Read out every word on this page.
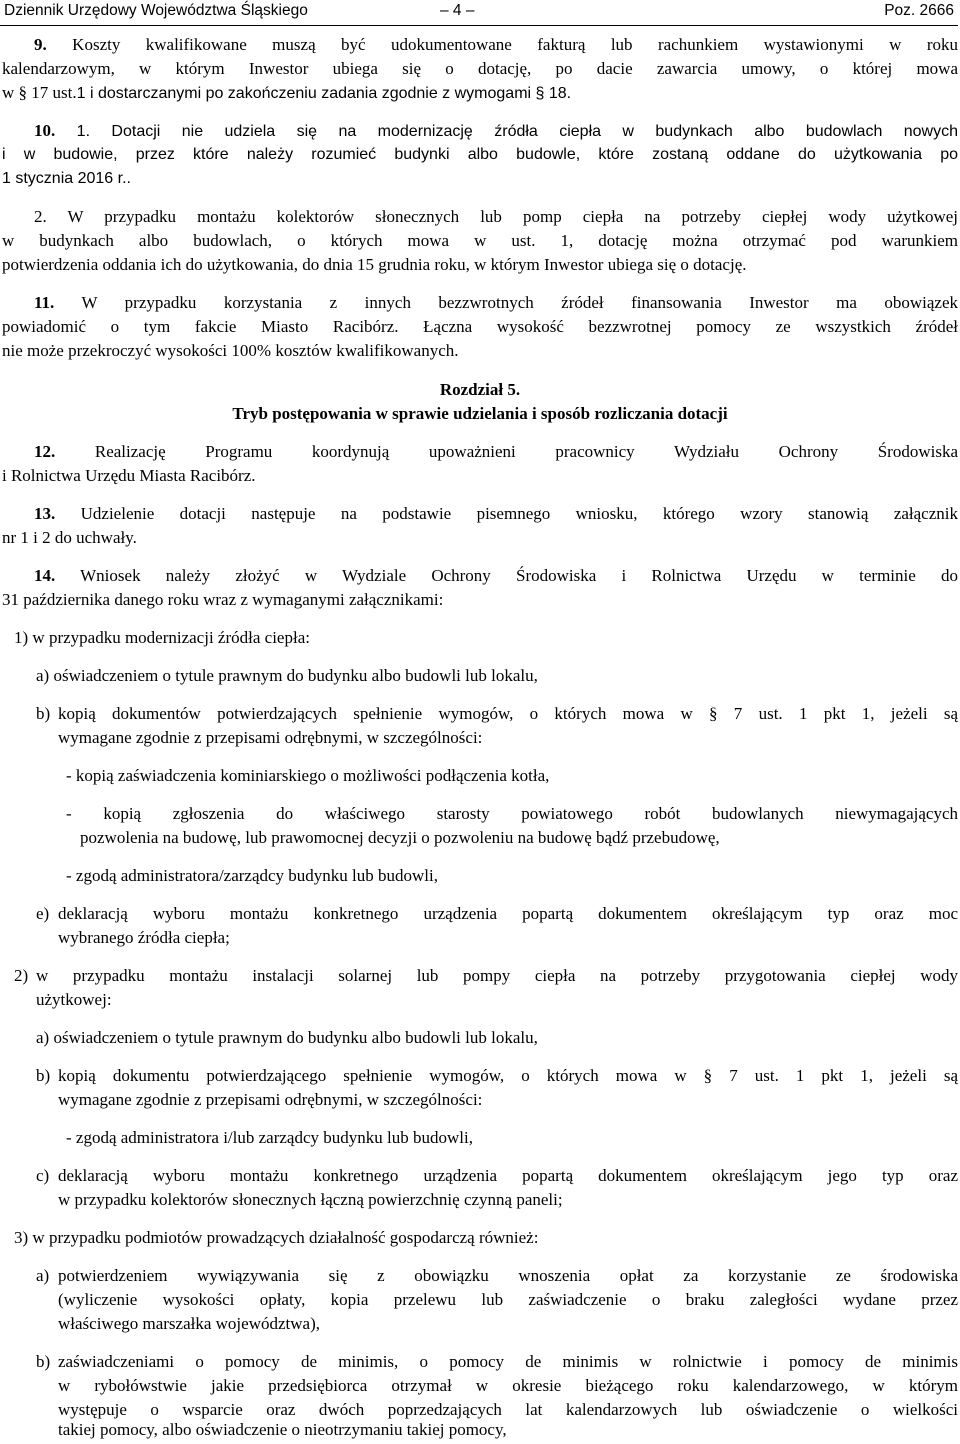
Dziennik Urzędowy Województwa Śląskiego	– 4 –	Poz. 2666
9. Koszty kwalifikowane muszą być udokumentowane fakturą lub rachunkiem wystawionymi w roku
kalendarzowym, w którym Inwestor ubiega się o dotację, po dacie zawarcia umowy, o której mowa
w § 17 ust.1 i dostarczanymi po zakończeniu zadania zgodnie z wymogami § 18.
10. 1. Dotacji nie udziela się na modernizację źródła ciepła w budynkach albo budowlach nowych
i w budowie, przez które należy rozumieć budynki albo budowle, które zostaną oddane do użytkowania po
1 stycznia 2016 r..
2. W przypadku montażu kolektorów słonecznych lub pomp ciepła na potrzeby ciepłej wody użytkowej
w budynkach albo budowlach, o których mowa w ust. 1, dotację można otrzymać pod warunkiem
potwierdzenia oddania ich do użytkowania, do dnia 15 grudnia roku, w którym Inwestor ubiega się o dotację.
11. W przypadku korzystania z innych bezzwrotnych źródeł finansowania Inwestor ma obowiązek
powiadomić o tym fakcie Miasto Racibórz. Łączna wysokość bezzwrotnej pomocy ze wszystkich źródeł
nie może przekroczyć wysokości 100% kosztów kwalifikowanych.
Rozdział 5.
Tryb postępowania w sprawie udzielania i sposób rozliczania dotacji
12. Realizację Programu koordynują upoważnieni pracownicy Wydziału Ochrony Środowiska
i Rolnictwa Urzędu Miasta Racibórz.
13. Udzielenie dotacji następuje na podstawie pisemnego wniosku, którego wzory stanowią załącznik
nr 1 i 2 do uchwały.
14. Wniosek należy złożyć w Wydziale Ochrony Środowiska i Rolnictwa Urzędu w terminie do
31 października danego roku wraz z wymaganymi załącznikami:
1) w przypadku modernizacji źródła ciepła:
a) oświadczeniem o tytule prawnym do budynku albo budowli lub lokalu,
b) kopią dokumentów potwierdzających spełnienie wymogów, o których mowa w § 7 ust. 1 pkt 1, jeżeli są
wymagane zgodnie z przepisami odrębnymi, w szczególności:
- kopią zaświadczenia kominiarskiego o możliwości podłączenia kotła,
- kopią zgłoszenia do właściwego starosty powiatowego robót budowlanych niewymagających
pozwolenia na budowę, lub prawomocnej decyzji o pozwoleniu na budowę bądź przebudowę,
- zgodą administratora/zarządcy budynku lub budowli,
e) deklaracją wyboru montażu konkretnego urządzenia popartą dokumentem określającym typ oraz moc
wybranego źródła ciepła;
2) w przypadku montażu instalacji solarnej lub pompy ciepła na potrzeby przygotowania ciepłej wody
użytkowej:
a) oświadczeniem o tytule prawnym do budynku albo budowli lub lokalu,
b) kopią dokumentu potwierdzającego spełnienie wymogów, o których mowa w § 7 ust. 1 pkt 1, jeżeli są
wymagane zgodnie z przepisami odrębnymi, w szczególności:
- zgodą administratora i/lub zarządcy budynku lub budowli,
c) deklaracją wyboru montażu konkretnego urządzenia popartą dokumentem określającym jego typ oraz
w przypadku kolektorów słonecznych łączną powierzchnię czynną paneli;
3) w przypadku podmiotów prowadzących działalność gospodarczą również:
a) potwierdzeniem wywiązywania się z obowiązku wnoszenia opłat za korzystanie ze środowiska
(wyliczenie wysokości opłaty, kopia przelewu lub zaświadczenie o braku zaległości wydane przez
właściwego marszałka województwa),
b) zaświadczeniami o pomocy de minimis, o pomocy de minimis w rolnictwie i pomocy de minimis
w rybołówstwie jakie przedsiębiorca otrzymał w okresie bieżącego roku kalendarzowego, w którym
występuje o wsparcie oraz dwóch poprzedzających lat kalendarzowych lub oświadczenie o wielkości
takiej pomocy, albo oświadczenie o nieotrzymaniu takiej pomocy,
